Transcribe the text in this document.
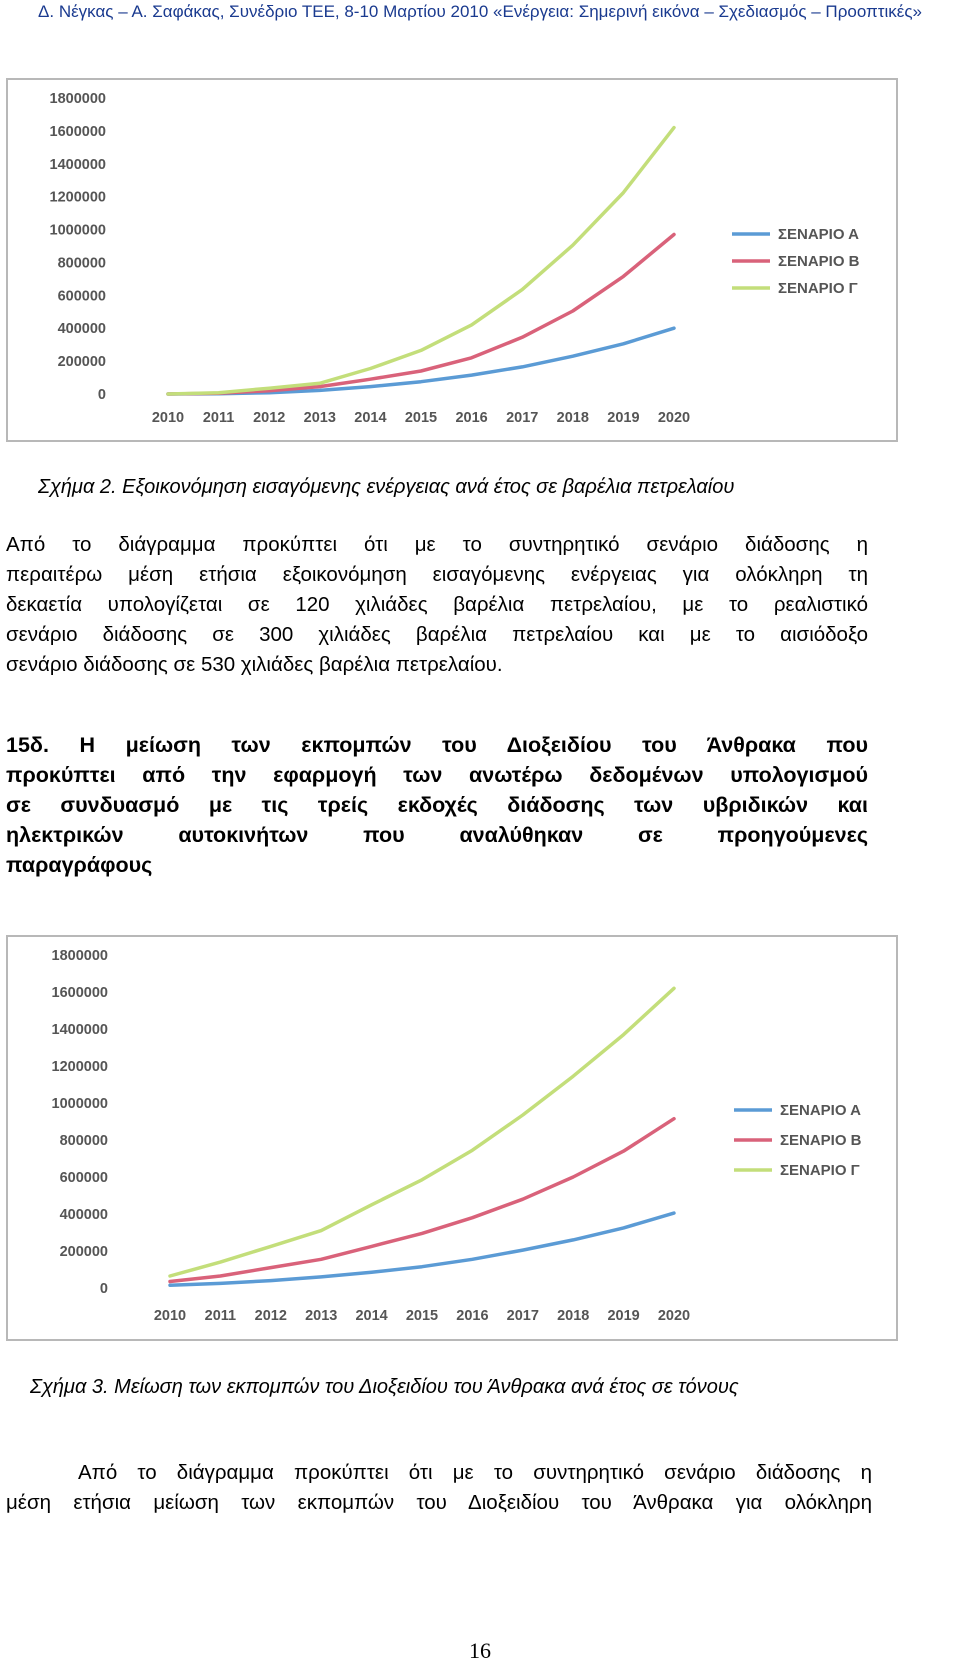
Δ. Νέγκας – Α. Σαφάκας, Συνέδριο ΤΕΕ, 8-10 Μαρτίου 2010 «Ενέργεια: Σημερινή εικόνα – Σχεδιασμός – Προοπτικές»
1800000
1600000
1400000
1200000
1000000
800000
600000
400000
200000
0
2010 2011 2012 2013 2014 2015 2016 2017 2018 2019 2020
ΣΕΝΑΡΙΟ Α
ΣΕΝΑΡΙΟ Β
ΣΕΝΑΡΙΟ Γ
Σχήμα 2. Εξοικονόμηση εισαγόμενης ενέργειας ανά έτος σε βαρέλια πετρελαίου
Από το διάγραμμα προκύπτει ότι με το συντηρητικό σενάριο διάδοσης η
περαιτέρω μέση ετήσια εξοικονόμηση εισαγόμενης ενέργειας για ολόκληρη τη
δεκαετία υπολογίζεται σε 120 χιλιάδες βαρέλια πετρελαίου, με το ρεαλιστικό
σενάριο διάδοσης σε 300 χιλιάδες βαρέλια πετρελαίου και με το αισιόδοξο
σενάριο διάδοσης σε 530 χιλιάδες βαρέλια πετρελαίου.
15δ. Η μείωση των εκπομπών του Διοξειδίου του Άνθρακα που
προκύπτει από την εφαρμογή των ανωτέρω δεδομένων υπολογισμού
σε συνδυασμό με τις τρείς εκδοχές διάδοσης των υβριδικών και
ηλεκτρικών αυτοκινήτων που αναλύθηκαν σε προηγούμενες
παραγράφους
1800000
1600000
1400000
1200000
1000000
800000
600000
400000
200000
0
2010 2011 2012 2013 2014 2015 2016 2017 2018 2019 2020
ΣΕΝΑΡΙΟ Α
ΣΕΝΑΡΙΟ Β
ΣΕΝΑΡΙΟ Γ
Σχήμα 3. Μείωση των εκπομπών του Διοξειδίου του Άνθρακα ανά έτος σε τόνους
Από το διάγραμμα προκύπτει ότι με το συντηρητικό σενάριο διάδοσης η
μέση ετήσια μείωση των εκπομπών του Διοξειδίου του Άνθρακα για ολόκληρη
16
